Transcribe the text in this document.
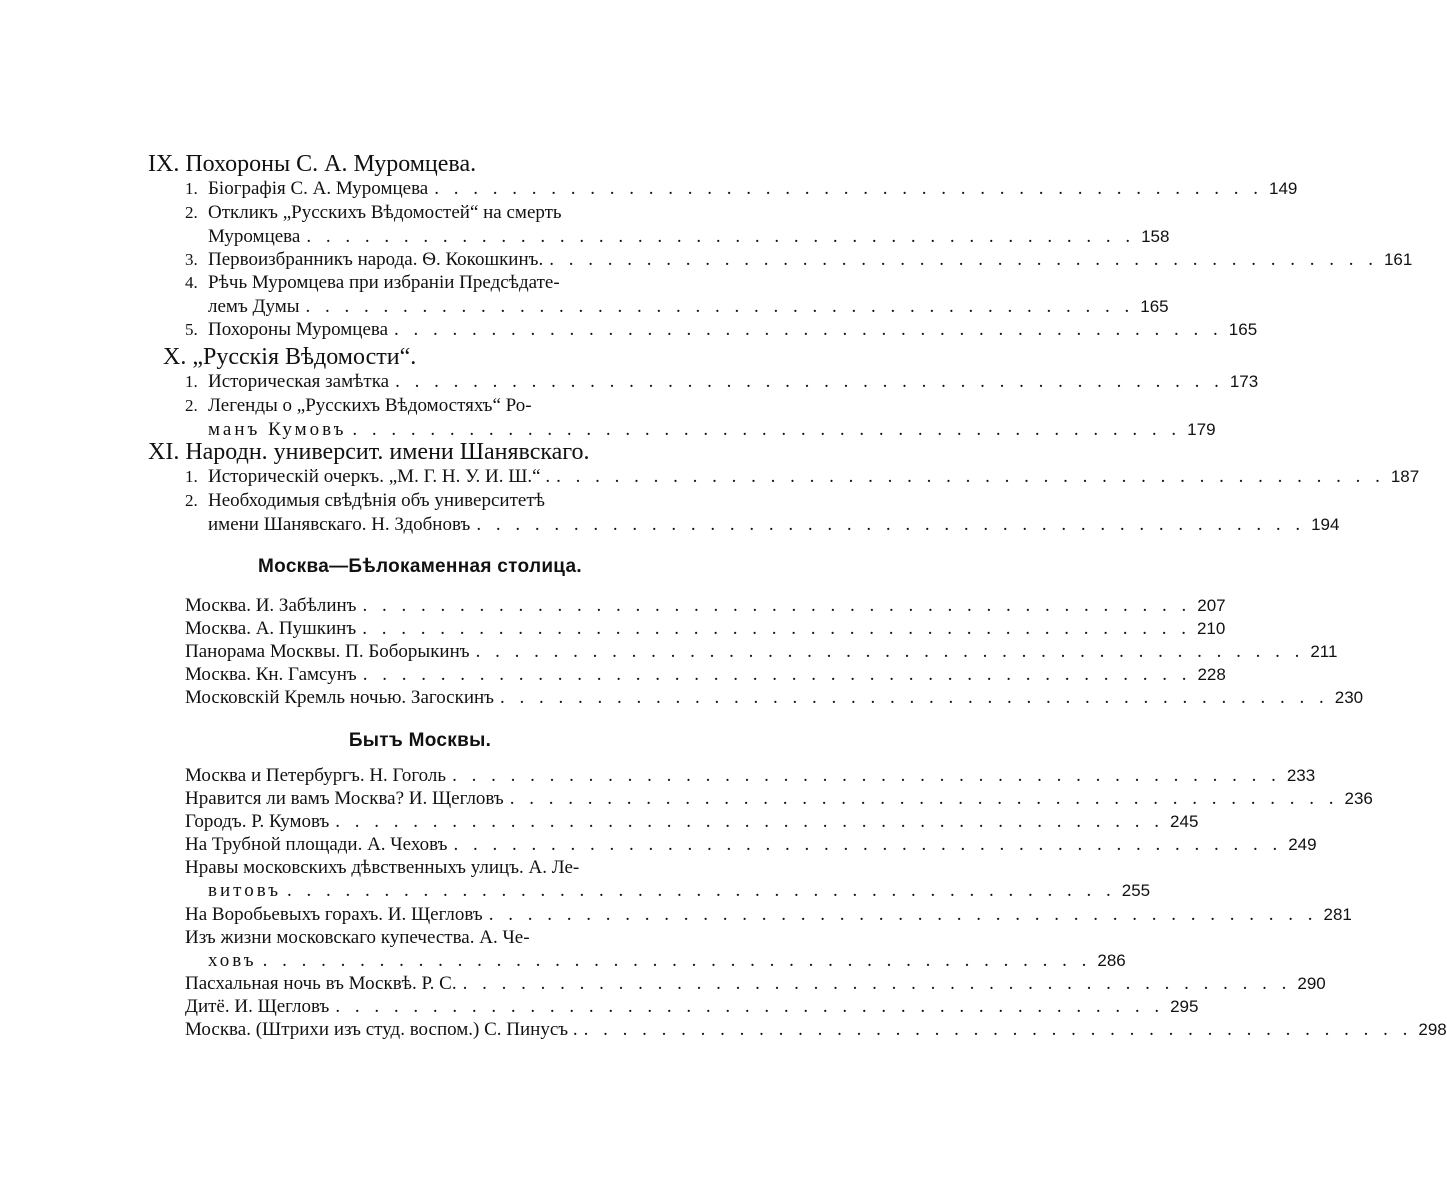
IX. Похороны С. А. Муромцева.
1. Біографія С. А. Муромцева . . .	149
2. Откликъ „Русскихъ Вѣдомостей“ на смерть
Муромцева . . .	158
3. Первоизбранникъ народа. Ѳ. Кокошкинъ. . . .	161
4. Рѣчь Муромцева при избраніи Предсѣдате-
лемъ Думы . . .	165
5. Похороны Муромцева . . .	165
X. „Русскія Вѣдомости“.
1. Историческая замѣтка . . .	173
2. Легенды о „Русскихъ Вѣдомостяхъ“ Ро-
манъ Кумовъ . . .	179
XI. Народн. университ. имени Шанявскаго.
1. Историческій очеркъ. „М. Г. Н. У. И. Ш.“ . . . .	187
2. Необходимыя свѣдѣнія объ университетѣ
имени Шанявскаго. Н. Здобновъ . . .	194
Москва—Бѣлокаменная столица.
Москва. И. Забѣлинъ . . .	207
Москва. А. Пушкинъ . . .	210
Панорама Москвы. П. Боборыкинъ . . .	211
Москва. Кн. Гамсунъ . . .	228
Московскій Кремль ночью. Загоскинъ . . .	230
Бытъ Москвы.
Москва и Петербургъ. Н. Гоголь . . .	233
Нравится ли вамъ Москва? И. Щегловъ . . .	236
Городъ. Р. Кумовъ . . .	245
На Трубной площади. А. Чеховъ . . .	249
Нравы московскихъ дѣвственныхъ улицъ. А. Ле-
витовъ . . .	255
На Воробьевыхъ горахъ. И. Щегловъ . . .	281
Изъ жизни московскаго купечества. А. Че-
ховъ . . .	286
Пасхальная ночь въ Москвѣ. Р. С. . . .	290
Дитё. И. Щегловъ . . .	295
Москва. (Штрихи изъ студ. воспом.) С. Пинусъ . . . .	298
